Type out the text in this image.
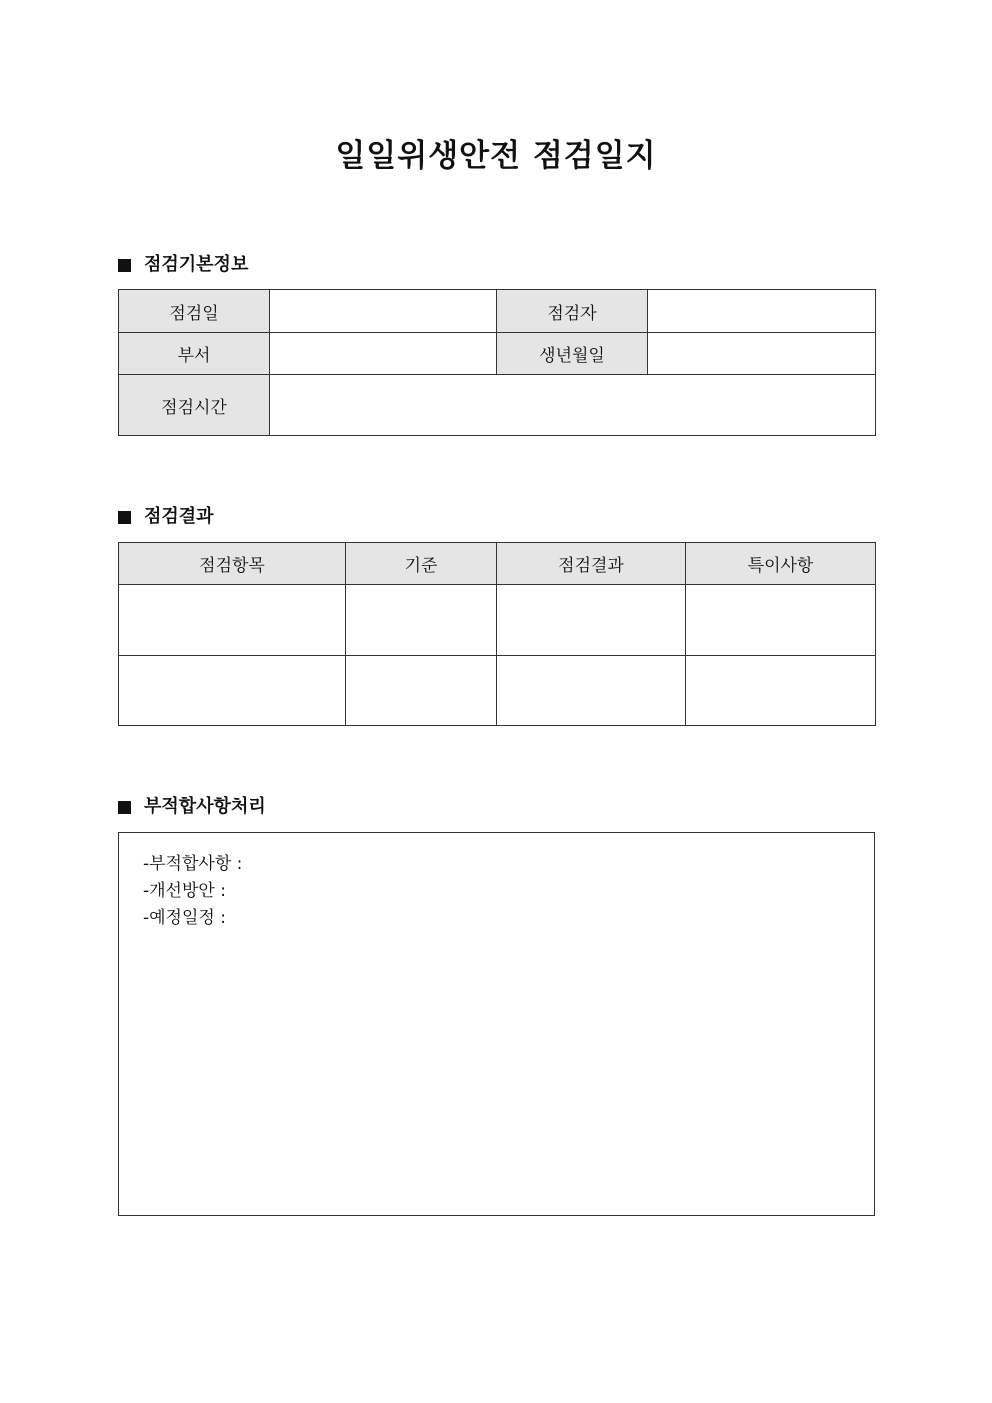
일일위생안전 점검일지
점검기본정보
점검일		점검자	
부서		생년월일	
점검시간			
점검결과
점검항목	기준	점검결과	특이사항

부적합사항처리
-부적합사항 :
-개선방안 :
-예정일정 :
